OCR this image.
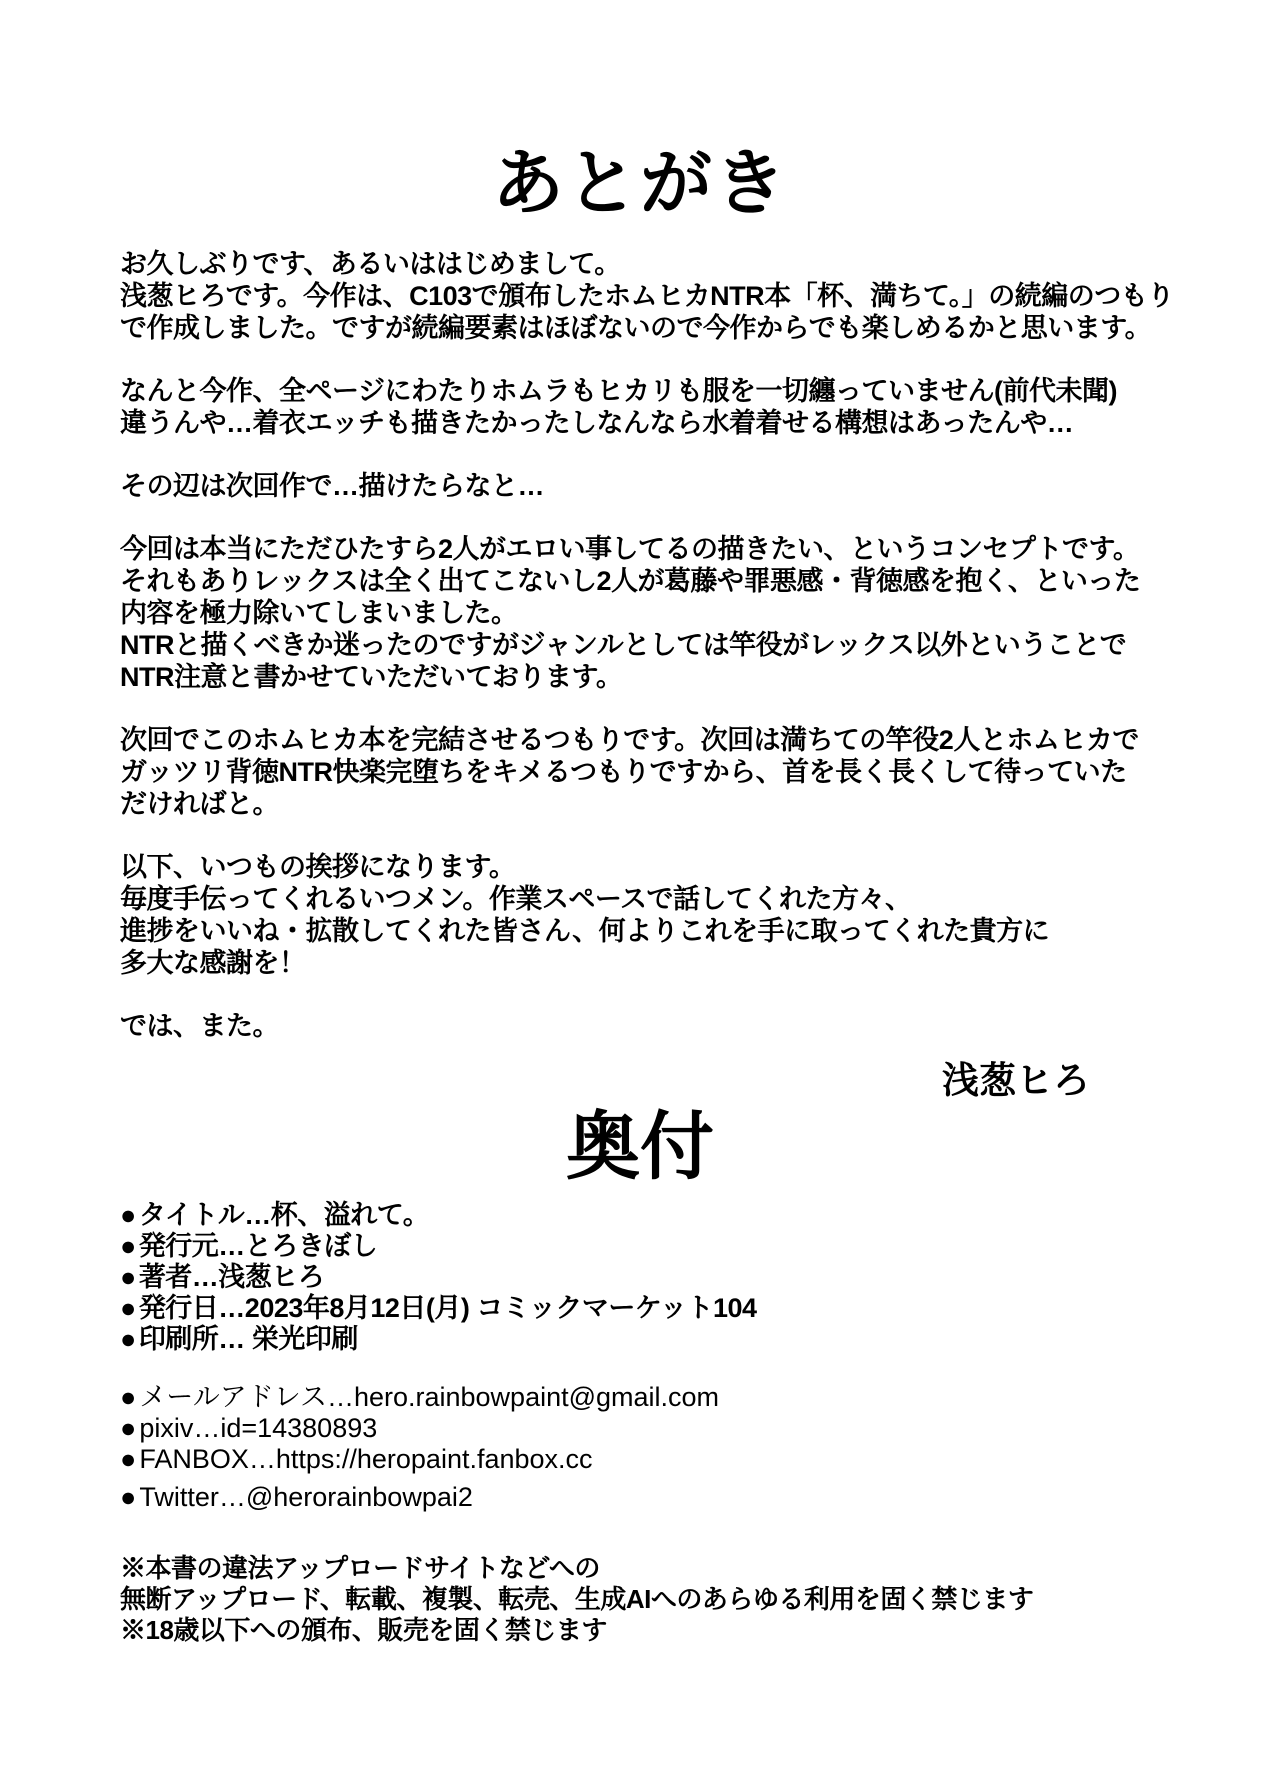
あとがき

お久しぶりです、あるいははじめまして。
浅葱ヒろです。今作は、C103で頒布したホムヒカNTR本「杯、満ちて。」の続編のつもり
で作成しました。ですが続編要素はほぼないので今作からでも楽しめるかと思います。

なんと今作、全ページにわたりホムラもヒカリも服を一切纏っていません(前代未聞)
違うんや…着衣エッチも描きたかったしなんなら水着着せる構想はあったんや…

その辺は次回作で…描けたらなと…

今回は本当にただひたすら2人がエロい事してるの描きたい、というコンセプトです。
それもありレックスは全く出てこないし2人が葛藤や罪悪感・背徳感を抱く、といった
内容を極力除いてしまいました。
NTRと描くべきか迷ったのですがジャンルとしては竿役がレックス以外ということで
NTR注意と書かせていただいております。

次回でこのホムヒカ本を完結させるつもりです。次回は満ちての竿役2人とホムヒカで
ガッツリ背徳NTR快楽完堕ちをキメるつもりですから、首を長く長くして待っていた
だければと。

以下、いつもの挨拶になります。
毎度手伝ってくれるいつメン。作業スペースで話してくれた方々、
進捗をいいね・拡散してくれた皆さん、何よりこれを手に取ってくれた貴方に
多大な感謝を！

では、また。

浅葱ヒろ
奥付
● タイトル…杯、溢れて。
● 発行元…とろきぼし
● 著者…浅葱ヒろ
● 発行日…2023年8月12日(月) コミックマーケット104
● 印刷所… 栄光印刷
● メールアドレス…hero.rainbowpaint@gmail.com
● pixiv…id=14380893
● FANBOX…https://heropaint.fanbox.cc
● Twitter…@herorainbowpai2
※本書の違法アップロードサイトなどへの
無断アップロード、転載、複製、転売、生成AIへのあらゆる利用を固く禁じます
※18歳以下への頒布、販売を固く禁じます
